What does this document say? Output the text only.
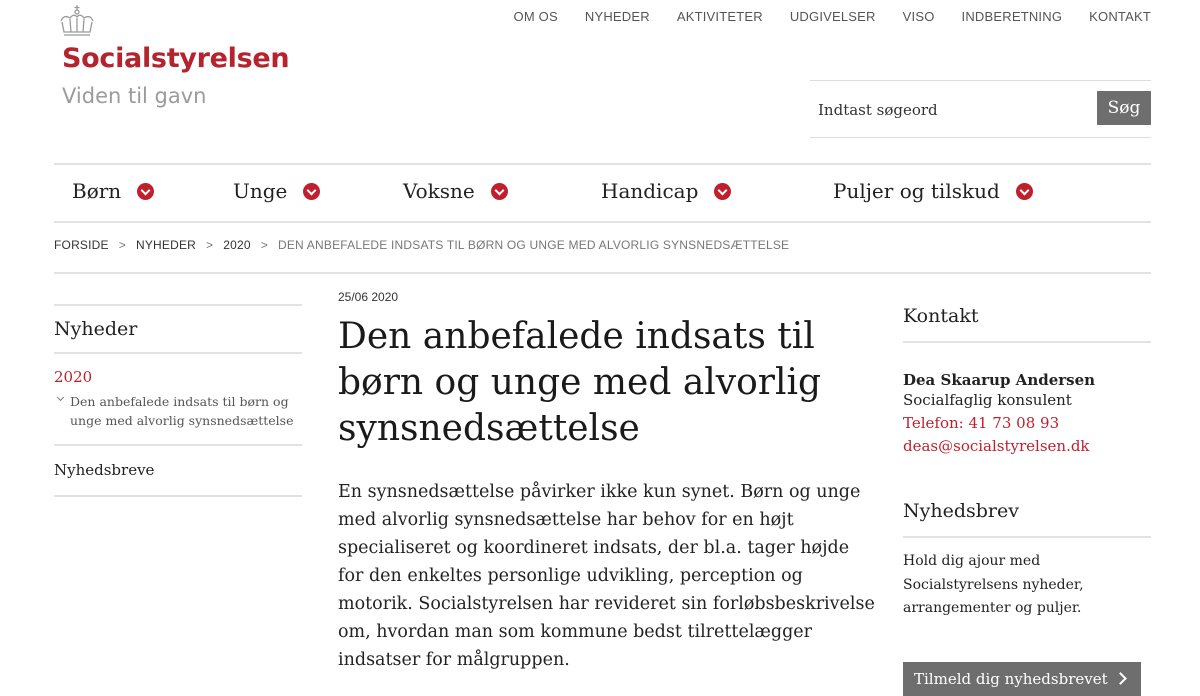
Socialstyrelsen
Viden til gavn
OM OS NYHEDER AKTIVITETER UDGIVELSER VISO INDBERETNING KONTAKT
Indtast søgeord
Søg
Børn	Unge	Voksne	Handicap	Puljer og tilskud
FORSIDE > NYHEDER > 2020 > DEN ANBEFALEDE INDSATS TIL BØRN OG UNGE MED ALVORLIG SYNSNEDSÆTTELSE
Nyheder
2020
Den anbefalede indsats til børn og unge med alvorlig synsnedsættelse
Nyhedsbreve
25/06 2020
Den anbefalede indsats til børn og unge med alvorlig synsnedsættelse

En synsnedsættelse påvirker ikke kun synet. Børn og unge med alvorlig synsnedsættelse har behov for en højt specialiseret og koordineret indsats, der bl.a. tager højde for den enkeltes personlige udvikling, perception og motorik. Socialstyrelsen har revideret sin forløbsbeskrivelse om, hvordan man som kommune bedst tilrettelægger indsatser for målgruppen.

Kontakt
Dea Skaarup Andersen
Socialfaglig konsulent
Telefon: 41 73 08 93
deas@socialstyrelsen.dk
Nyhedsbrev

Hold dig ajour med Socialstyrelsens nyheder, arrangementer og puljer.

Tilmeld dig nyhedsbrevet
